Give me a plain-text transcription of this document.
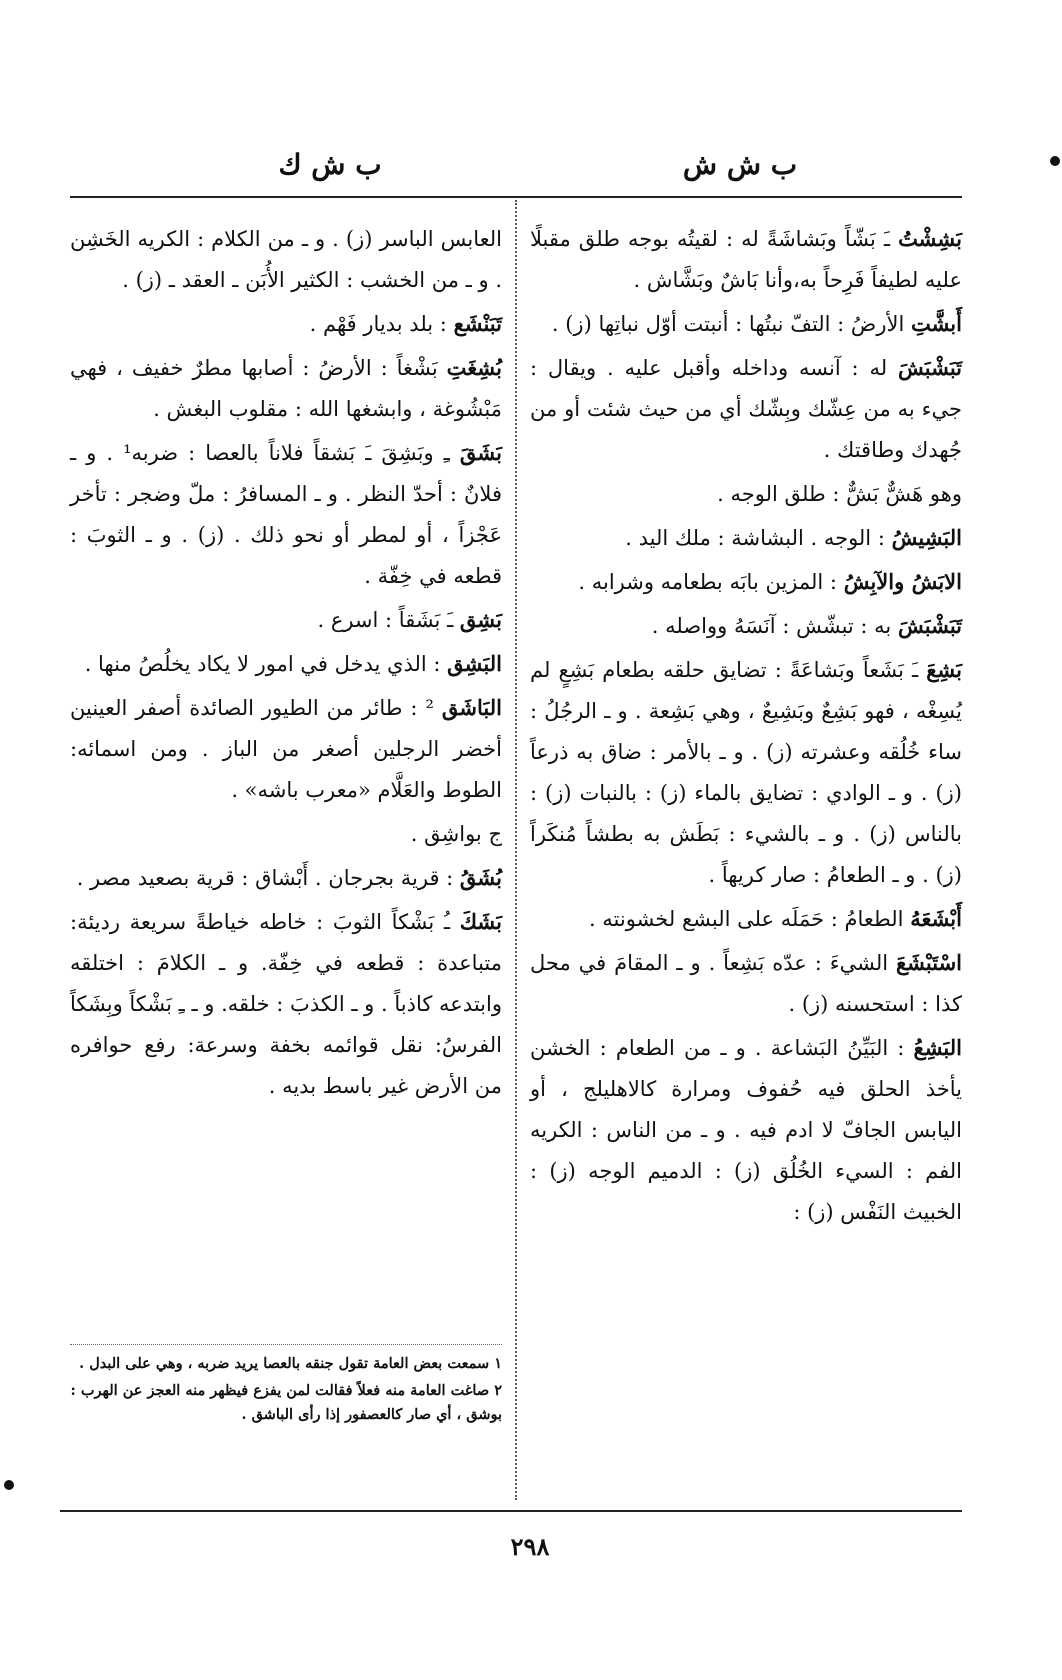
ب ش ش
ب ش ك

بَشِشْتُ ـَ بَشّاً وبَشاشَةً له : لقيتُه بوجه طلق مقبلًا عليه لطيفاً فَرِحاً به،وأنا بَاشٌ وبَشَّاش .

أَبشَّتِ الأرضُ : التفّ نبتُها : أنبتت أوّل نباتِها (ز) .

تَبَشْبَشَ له : آنسه وداخله وأقبل عليه . ويقال : جيء به من عِشّك وبِشّك أي من حيث شئت أو من جُهدك وطاقتك .

وهو هَشٌّ بَشٌّ : طلق الوجه .

البَشِيشُ : الوجه . البشاشة : ملك اليد .

الابَشُ والآبِشُ : المزين بابَه بطعامه وشرابه .

تَبَشْبَشَ به : تبشّش : آنَسَهُ وواصله .

بَشِعَ ـَ بَشَعاً وبَشاعَةً : تضايق حلقه بطعام بَشِعٍ لم يُسِغْه ، فهو بَشِعٌ وبَشِيعٌ ، وهي بَشِعة . و ـ الرجُلُ : ساء خُلُقه وعشرته (ز) . و ـ بالأمر : ضاق به ذرعاً (ز) . و ـ الوادي : تضايق بالماء (ز) : بالنبات (ز) : بالناس (ز) . و ـ بالشيء : بَطَش به بطشاً مُنكَراً (ز) . و ـ الطعامُ : صار كريهاً .

أَبْشَعَهُ الطعامُ : حَمَلَه على البشع لخشونته .

اسْتَبْشَعَ الشيءَ : عدّه بَشِعاً . و ـ المقامَ في محل كذا : استحسنه (ز) .

البَشِعُ : البَيِّنُ البَشاعة . و ـ من الطعام : الخشن يأخذ الحلق فيه حُفوف ومرارة كالاهليلج ، أو اليابس الجافّ لا ادم فيه . و ـ من الناس : الكريه الفم : السيء الخُلُق (ز) : الدميم الوجه (ز) : الخبيث النَفْس (ز) :

العابس الباسر (ز) . و ـ من الكلام : الكريه الخَشِن . و ـ من الخشب : الكثير الأُبَن ـ العقد ـ (ز) .

تَبَنْشَع : بلد بديار فَهْم .

بُشِغَتِ بَشْغاً : الأرضُ : أصابها مطرٌ خفيف ، فهي مَبْشُوغة ، وابشغها الله : مقلوب البغش .

بَشَقَ ـِ وبَشِقَ ـَ بَشقاً فلاناً بالعصا : ضربه¹ . و ـ فلانٌ : أحدّ النظر . و ـ المسافرُ : ملّ وضجر : تأخر عَجْزاً ، أو لمطر أو نحو ذلك . (ز) . و ـ الثوبَ : قطعه في خِفّة .

بَشِق ـَ بَشَقاً : اسرع .

البَشِق : الذي يدخل في امور لا يكاد يخلُصُ منها .

البَاشَق ² : طائر من الطيور الصائدة أصفر العينين أخضر الرجلين أصغر من الباز . ومن اسمائه: الطوط والعَلَّام «معرب باشه» .

ج بواشِق .

بُشَقُ : قرية بجرجان . أَبْشاق : قرية بصعيد مصر .

بَشَكَ ـُ بَشْكاً الثوبَ : خاطه خياطةً سريعة رديئة: متباعدة : قطعه في خِفّة. و ـ الكلامَ : اختلقه وابتدعه كاذباً . و ـ الكذبَ : خلقه. و ـ ـِ بَشْكاً وبِشَكاً الفرسُ: نقل قوائمه بخفة وسرعة: رفع حوافره من الأرض غير باسط بديه .

١ سمعت بعض العامة تقول جنقه بالعصا يريد ضربه ، وهي على البدل .

٢ صاغت العامة منه فعلاً فقالت لمن يفزع فيظهر منه العجز عن الهرب : بوشق ، أي صار كالعصفور إذا رأى الباشق .

٢٩٨
